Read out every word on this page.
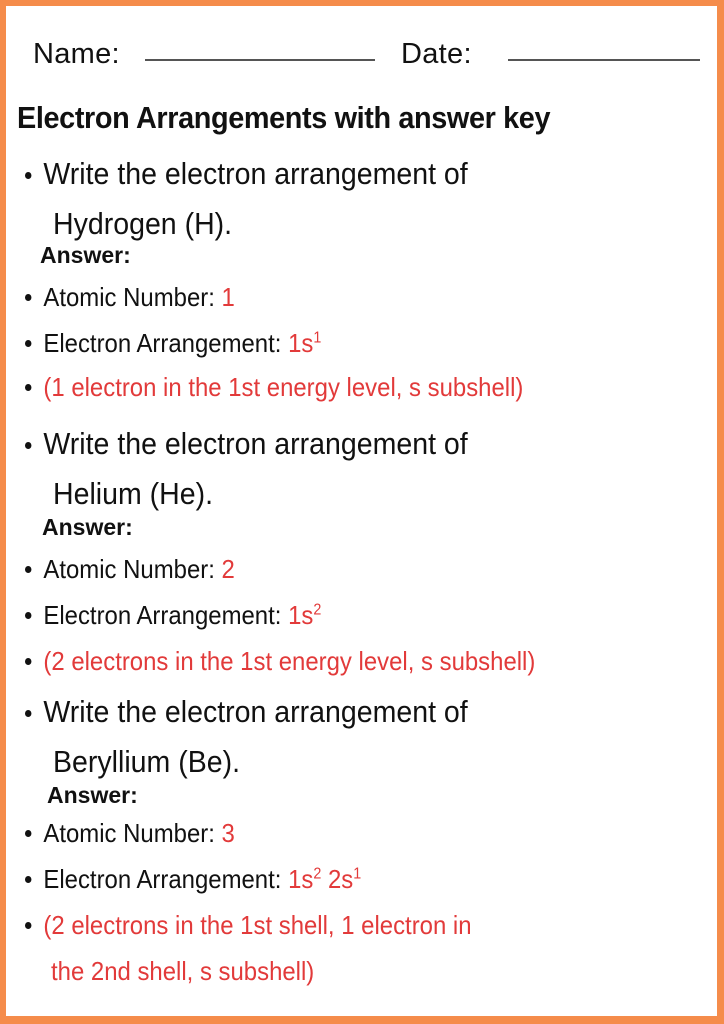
Name:	Date:
Electron Arrangements with answer key
Write the electron arrangement of
Hydrogen (H).
Answer:
Atomic Number: 1
Electron Arrangement: $1s^1$
(1 electron in the 1st energy level, s subshell)
Write the electron arrangement of
Helium (He).
Answer:
Atomic Number: 2
Electron Arrangement: $1s^2$
(2 electrons in the 1st energy level, s subshell)
Write the electron arrangement of
Beryllium (Be).
Answer:
Atomic Number: 3
Electron Arrangement: $1s^2$ $2s^1$
(2 electrons in the 1st shell, 1 electron in
the 2nd shell, s subshell)
